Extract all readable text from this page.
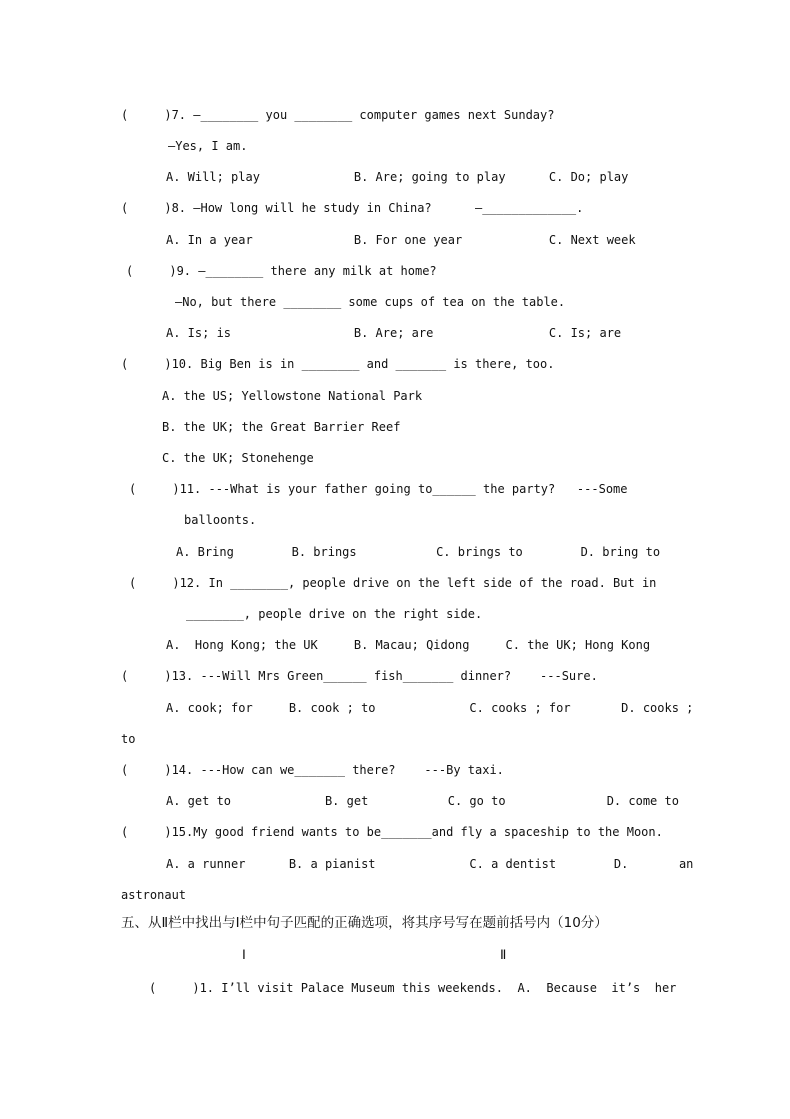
(     )7. —________ you ________ computer games next Sunday?
—Yes, I am.
A. Will; play             B. Are; going to play      C. Do; play
(     )8. —How long will he study in China?      —_____________.
A. In a year              B. For one year            C. Next week
(     )9. —________ there any milk at home?
—No, but there ________ some cups of tea on the table.
A. Is; is                 B. Are; are                C. Is; are
(     )10. Big Ben is in ________ and _______ is there, too.
A. the US; Yellowstone National Park
B. the UK; the Great Barrier Reef
C. the UK; Stonehenge
(     )11. ---What is your father going to______ the party?   ---Some
balloonts.
A. Bring        B. brings           C. brings to        D. bring to
(     )12. In ________, people drive on the left side of the road. But in
________, people drive on the right side.
A.  Hong Kong; the UK     B. Macau; Qidong     C. the UK; Hong Kong
(     )13. ---Will Mrs Green______ fish_______ dinner?    ---Sure.
A. cook; for     B. cook ; to             C. cooks ; for       D. cooks ;
to
(     )14. ---How can we_______ there?    ---By taxi.
A. get to             B. get           C. go to              D. come to
(     )15.My good friend wants to be_______and fly a spaceship to the Moon.
A. a runner      B. a pianist             C. a dentist        D.       an
astronaut
五、从Ⅱ栏中找出与Ⅰ栏中句子匹配的正确选项，将其序号写在题前括号内（10分）
Ⅰ	Ⅱ
(     )1. I’ll visit Palace Museum this weekends.  A.  Because  it’s  her
